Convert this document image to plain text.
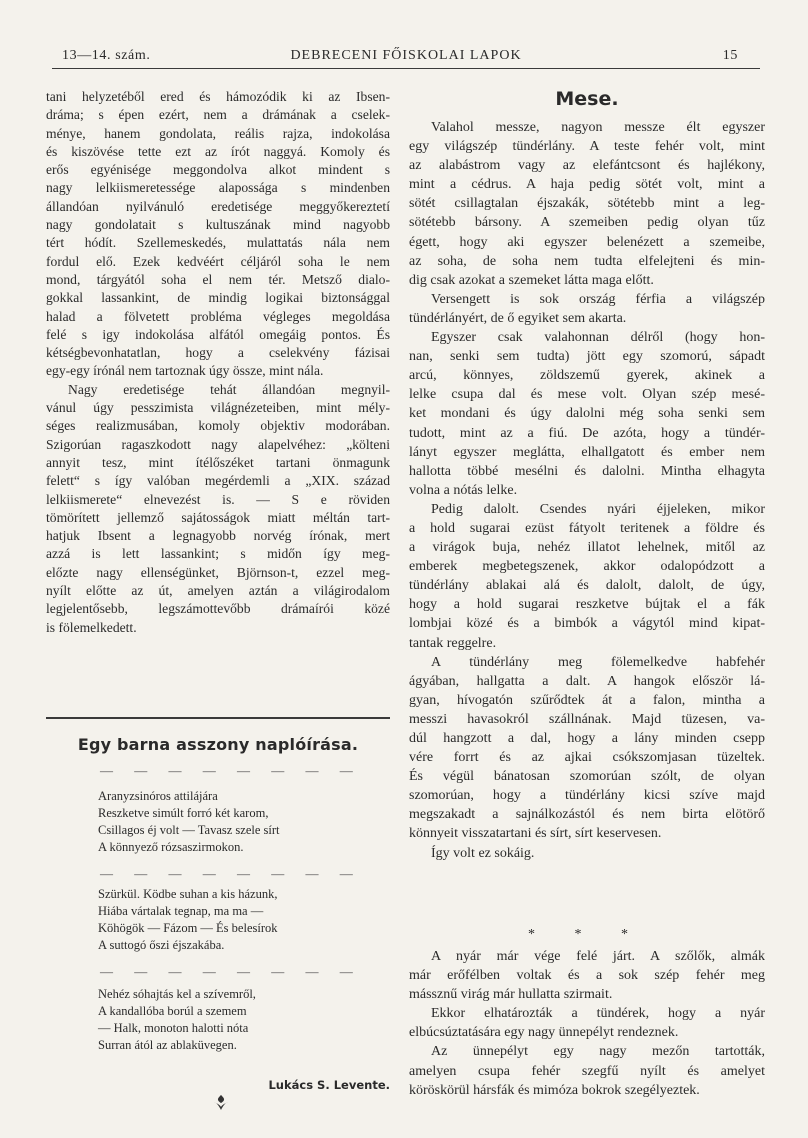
13—14. szám.	DEBRECENI FŐISKOLAI LAPOK	15
tani helyzetéből ered és hámozódik ki az Ibsen-
dráma; s épen ezért, nem a drámának a cselek-
ménye, hanem gondolata, reális rajza, indokolása
és kiszövése tette ezt az írót naggyá. Komoly és
erős egyénisége meggondolva alkot mindent s
nagy lelkiismeretessége alapossága s mindenben
állandóan nyilvánuló eredetisége meggyőkereztetí
nagy gondolatait s kultuszának mind nagyobb
tért hódít. Szellemeskedés, mulattatás nála nem
fordul elő. Ezek kedvéért céljáról soha le nem
mond, tárgyától soha el nem tér. Metsző dialo-
gokkal lassankint, de mindig logikai biztonsággal
halad a fölvetett probléma végleges megoldása
felé s igy indokolása alfától omegáig pontos. És
kétségbevonhatatlan, hogy a cselekvény fázisai
egy-egy írónál nem tartoznak úgy össze, mint nála.
Nagy eredetisége tehát állandóan megnyil-
vánul úgy pesszimista világnézeteiben, mint mély-
séges realizmusában, komoly objektiv modorában.
Szigorúan ragaszkodott nagy alapelvéhez: „költeni
annyit tesz, mint ítélőszéket tartani önmagunk
felett“ s így valóban megérdemli a „XIX. század
lelkiismerete“ elnevezést is. — S e röviden
tömörített jellemző sajátosságok miatt méltán tart-
hatjuk Ibsent a legnagyobb norvég írónak, mert
azzá is lett lassankint; s midőn így meg-
előzte nagy ellenségünket, Björnson-t, ezzel meg-
nyílt előtte az út, amelyen aztán a világirodalom
legjelentősebb, legszámottevőbb drámaírói közé
is fölemelkedett.
Egy barna asszony naplóírása.
— — — — — — — —
Aranyzsinóros attilájára
Reszketve simúlt forró két karom,
Csillagos éj volt — Tavasz szele sírt
A könnyező rózsaszirmokon.
— — — — — — — —
Szürkül. Ködbe suhan a kis házunk,
Hiába vártalak tegnap, ma ma —
Köhögök — Fázom — És belesírok
A suttogó őszi éjszakába.
— — — — — — — —
Nehéz sóhajtás kel a szívemről,
A kandallóba borúl a szemem
— Halk, monoton halotti nóta
Surran ától az ablaküvegen.
Lukács S. Levente.
Mese.
Valahol messze, nagyon messze élt egyszer
egy világszép tündérlány. A teste fehér volt, mint
az alabástrom vagy az elefántcsont és hajlékony,
mint a cédrus. A haja pedig sötét volt, mint a
sötét csillagtalan éjszakák, sötétebb mint a leg-
sötétebb bársony. A szemeiben pedig olyan tűz
égett, hogy aki egyszer belenézett a szemeibe,
az soha, de soha nem tudta elfelejteni és min-
dig csak azokat a szemeket látta maga előtt.
Versengett is sok ország férfia a világszép
tündérlányért, de ő egyiket sem akarta.
Egyszer csak valahonnan délről (hogy hon-
nan, senki sem tudta) jött egy szomorú, sápadt
arcú, könnyes, zöldszemű gyerek, akinek a
lelke csupa dal és mese volt. Olyan szép mesé-
ket mondani és úgy dalolni még soha senki sem
tudott, mint az a fiú. De azóta, hogy a tündér-
lányt egyszer meglátta, elhallgatott és ember nem
hallotta többé mesélni és dalolni. Mintha elhagyta
volna a nótás lelke.
Pedig dalolt. Csendes nyári éjjeleken, mikor
a hold sugarai ezüst fátyolt teritenek a földre és
a virágok buja, nehéz illatot lehelnek, mitől az
emberek megbetegszenek, akkor odalopódzott a
tündérlány ablakai alá és dalolt, dalolt, de úgy,
hogy a hold sugarai reszketve bújtak el a fák
lombjai közé és a bimbók a vágytól mind kipat-
tantak reggelre.
A tündérlány meg fölemelkedve habfehér
ágyában, hallgatta a dalt. A hangok először lá-
gyan, hívogatón szűrődtek át a falon, mintha a
messzi havasokról szállnának. Majd tüzesen, va-
dúl hangzott a dal, hogy a lány minden csepp
vére forrt és az ajkai csókszomjasan tüzeltek.
És végül bánatosan szomorúan szólt, de olyan
szomorúan, hogy a tündérlány kicsi szíve majd
megszakadt a sajnálkozástól és nem birta elötörő
könnyeit visszatartani és sírt, sírt keservesen.
Így volt ez sokáig.
* * *
A nyár már vége felé járt. A szőlők, almák
már erőfélben voltak és a sok szép fehér meg
mássznű virág már hullatta szirmait.
Ekkor elhatározták a tündérek, hogy a nyár
elbúcsúztatására egy nagy ünnepélyt rendeznek.
Az ünnepélyt egy nagy mezőn tartották,
amelyen csupa fehér szegfű nyílt és amelyet
köröskörül hársfák és mimóza bokrok szegélyeztek.
